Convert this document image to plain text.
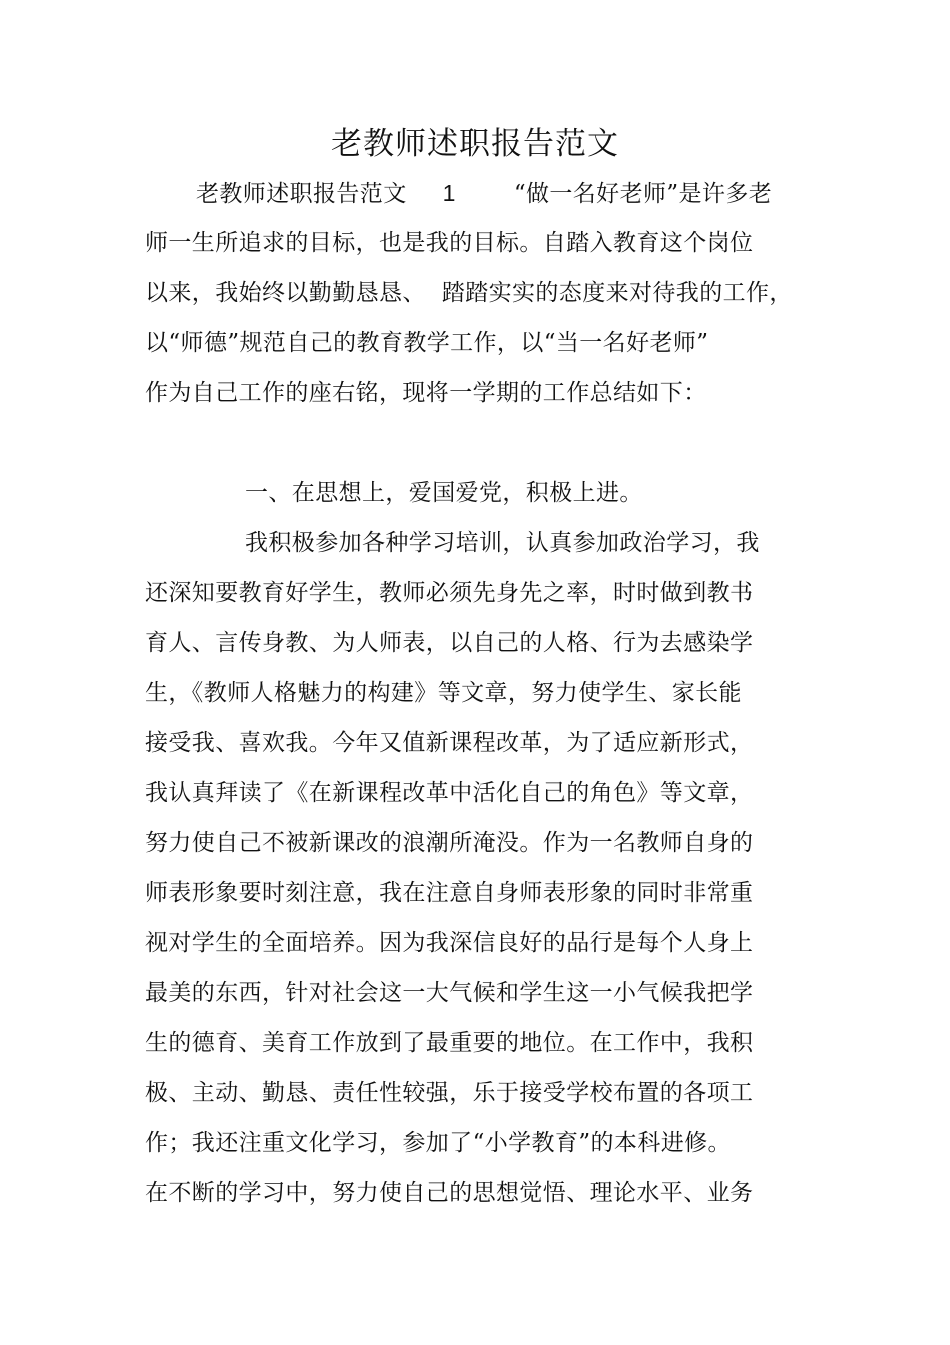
老教师述职报告范文
老教师述职报告范文 1	“做一名好老师”是许多老
师一生所追求的目标，也是我的目标。自踏入教育这个岗位
以来，我始终以勤勤恳恳、 踏踏实实的态度来对待我的工作，
以“师德”规范自己的教育教学工作，以“当一名好老师”
作为自己工作的座右铭，现将一学期的工作总结如下：
一、在思想上，爱国爱党，积极上进。
我积极参加各种学习培训，认真参加政治学习，我
还深知要教育好学生，教师必须先身先之率，时时做到教书
育人、言传身教、为人师表，以自己的人格、行为去感染学
生，《教师人格魅力的构建》等文章，努力使学生、家长能
接受我、喜欢我。今年又值新课程改革，为了适应新形式，
我认真拜读了《在新课程改革中活化自己的角色》等文章，
努力使自己不被新课改的浪潮所淹没。作为一名教师自身的
师表形象要时刻注意，我在注意自身师表形象的同时非常重
视对学生的全面培养。因为我深信良好的品行是每个人身上
最美的东西，针对社会这一大气候和学生这一小气候我把学
生的德育、美育工作放到了最重要的地位。在工作中，我积
极、主动、勤恳、责任性较强，乐于接受学校布置的各项工
作；我还注重文化学习，参加了“小学教育”的本科进修。
在不断的学习中，努力使自己的思想觉悟、理论水平、业务
